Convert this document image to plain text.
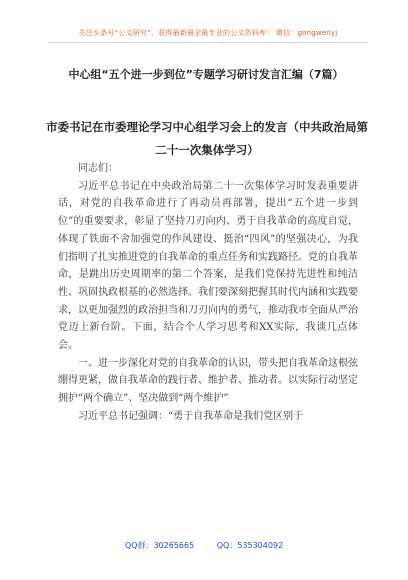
关注头条号“公文研究”，获得最新最全最专业的公文资料库！ 微信：gongwenyj
中心组“五个进一步到位”专题学习研讨发言汇编（7篇）
市委书记在市委理论学习中心组学习会上的发言（中共政治局第二十一次集体学习）

同志们：

习近平总书记在中央政治局第二十一次集体学习时发表重要讲话，对党的自我革命进行了再动员再部署，提出“五个进一步到位”的重要要求，彰显了坚持刀刃向内、勇于自我革命的高度自觉，体现了铁面不舍加强党的作风建设、挺治“四风”的坚强决心，为我们指明了扎实推进党的自我革命的重点任务和实践路径。党的自我革命，是跳出历史周期率的第二个答案，是我们党保持先进性和纯洁性、巩固执政根基的必然选择。我们要深刻把握其时代内涵和实践要求，以更加强烈的政治担当和刀刃向内的勇气，推动我市全面从严治党迈上新台阶。下面，结合个人学习思考和XX实际，我谈几点体会。

一、进一步深化对党的自我革命的认识，带头把自我革命这根弦绷得更紧，做自我革命的践行者、维护者、推动者。以实际行动坚定拥护“两个确立”、坚决做到“两个维护”

习近平总书记强调：“勇于自我革命是我们党区别于

QQ群：30265665	QQ：535304092
